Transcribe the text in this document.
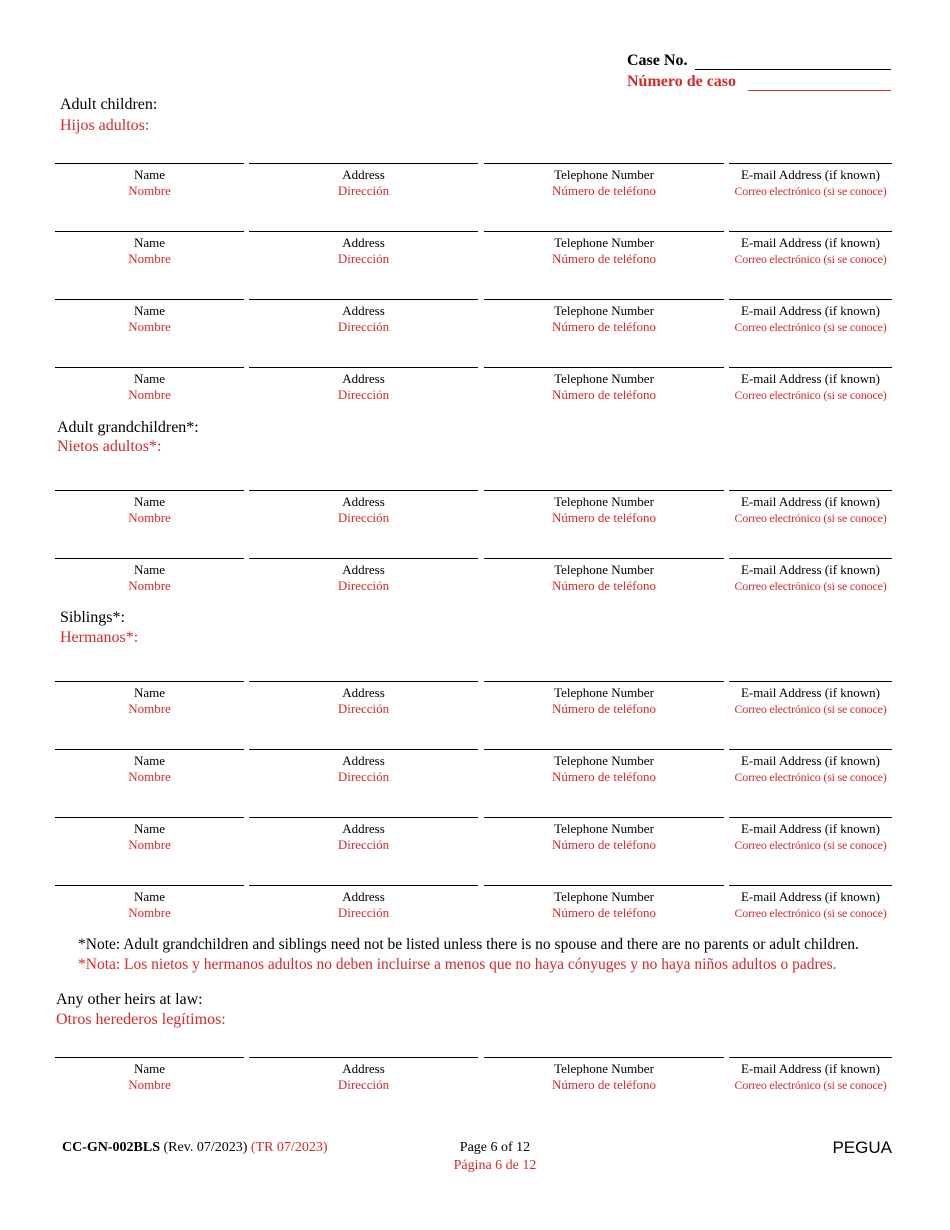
Case No.
Número de caso
Adult children:
Hijos adultos:
Name
Nombre
Address
Dirección
Telephone Number
Número de teléfono
E-mail Address (if known)
Correo electrónico (si se conoce)
Name
Nombre
Address
Dirección
Telephone Number
Número de teléfono
E-mail Address (if known)
Correo electrónico (si se conoce)
Name
Nombre
Address
Dirección
Telephone Number
Número de teléfono
E-mail Address (if known)
Correo electrónico (si se conoce)
Name
Nombre
Address
Dirección
Telephone Number
Número de teléfono
E-mail Address (if known)
Correo electrónico (si se conoce)
Adult grandchildren*:
Nietos adultos*:
Name
Nombre
Address
Dirección
Telephone Number
Número de teléfono
E-mail Address (if known)
Correo electrónico (si se conoce)
Name
Nombre
Address
Dirección
Telephone Number
Número de teléfono
E-mail Address (if known)
Correo electrónico (si se conoce)
Siblings*:
Hermanos*:
Name
Nombre
Address
Dirección
Telephone Number
Número de teléfono
E-mail Address (if known)
Correo electrónico (si se conoce)
Name
Nombre
Address
Dirección
Telephone Number
Número de teléfono
E-mail Address (if known)
Correo electrónico (si se conoce)
Name
Nombre
Address
Dirección
Telephone Number
Número de teléfono
E-mail Address (if known)
Correo electrónico (si se conoce)
Name
Nombre
Address
Dirección
Telephone Number
Número de teléfono
E-mail Address (if known)
Correo electrónico (si se conoce)
*Note: Adult grandchildren and siblings need not be listed unless there is no spouse and there are no parents or adult children.
*Nota: Los nietos y hermanos adultos no deben incluirse a menos que no haya cónyuges y no haya niños adultos o padres.
Any other heirs at law:
Otros herederos legítimos:
Name
Nombre
Address
Dirección
Telephone Number
Número de teléfono
E-mail Address (if known)
Correo electrónico (si se conoce)
CC-GN-002BLS (Rev. 07/2023) (TR 07/2023)	Page 6 of 12
Página 6 de 12
PEGUA
